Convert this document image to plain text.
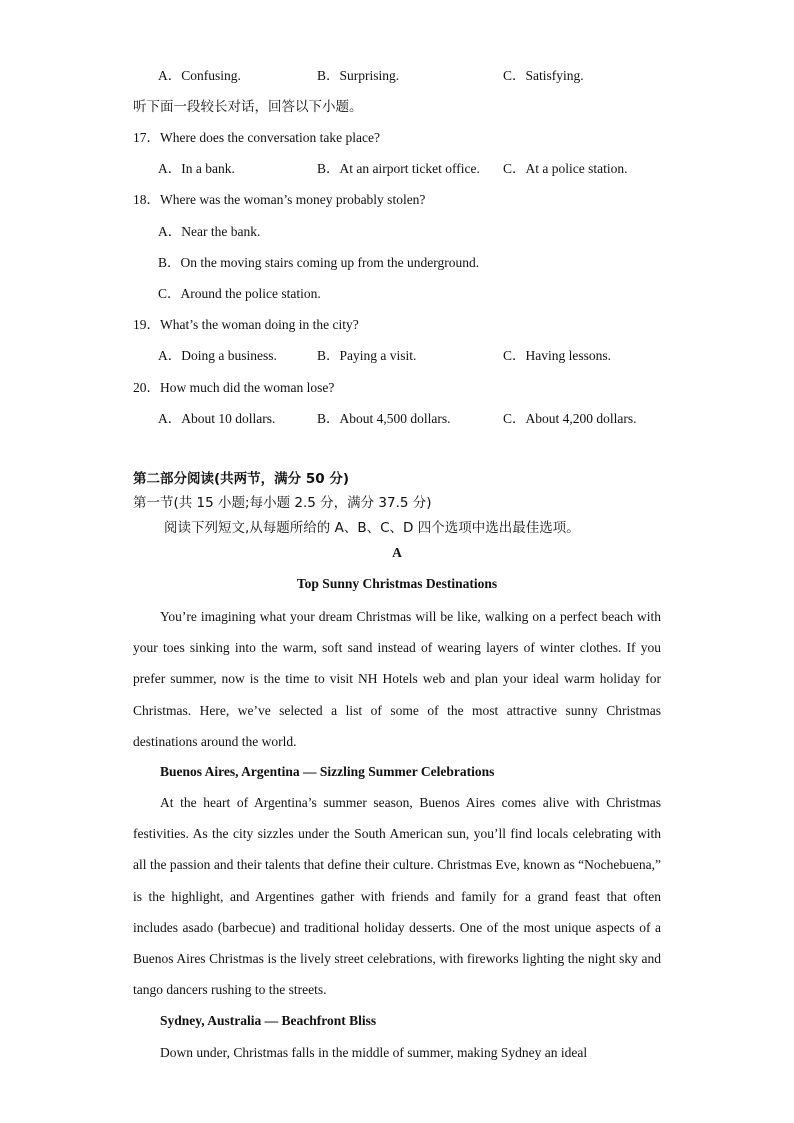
A．Confusing.	B．Surprising.	C．Satisfying.
听下面一段较长对话，回答以下小题。
17．Where does the conversation take place?
A．In a bank.	B．At an airport ticket office. C．At a police station.
18．Where was the woman’s money probably stolen?
A．Near the bank.
B．On the moving stairs coming up from the underground.
C．Around the police station.
19．What’s the woman doing in the city?
A．Doing a business.	B．Paying a visit.	C．Having lessons.
20．How much did the woman lose?
A．About 10 dollars.	B．About 4,500 dollars.	C．About 4,200 dollars.
第二部分阅读(共两节，满分 50 分)
第一节(共 15 小题;每小题 2.5 分，满分 37.5 分)
阅读下列短文,从每题所给的 A、B、C、D 四个选项中选出最佳选项。
A
Top Sunny Christmas Destinations
You’re imagining what your dream Christmas will be like, walking on a perfect beach with your toes sinking into the warm, soft sand instead of wearing layers of winter clothes. If you prefer summer, now is the time to visit NH Hotels web and plan your ideal warm holiday for Christmas. Here, we’ve selected a list of some of the most attractive sunny Christmas destinations around the world.
Buenos Aires, Argentina — Sizzling Summer Celebrations
At the heart of Argentina’s summer season, Buenos Aires comes alive with Christmas festivities. As the city sizzles under the South American sun, you’ll find locals celebrating with all the passion and their talents that define their culture. Christmas Eve, known as “Nochebuena,” is the highlight, and Argentines gather with friends and family for a grand feast that often includes asado (barbecue) and traditional holiday desserts. One of the most unique aspects of a Buenos Aires Christmas is the lively street celebrations, with fireworks lighting the night sky and tango dancers rushing to the streets.
Sydney, Australia — Beachfront Bliss
Down under, Christmas falls in the middle of summer, making Sydney an ideal
